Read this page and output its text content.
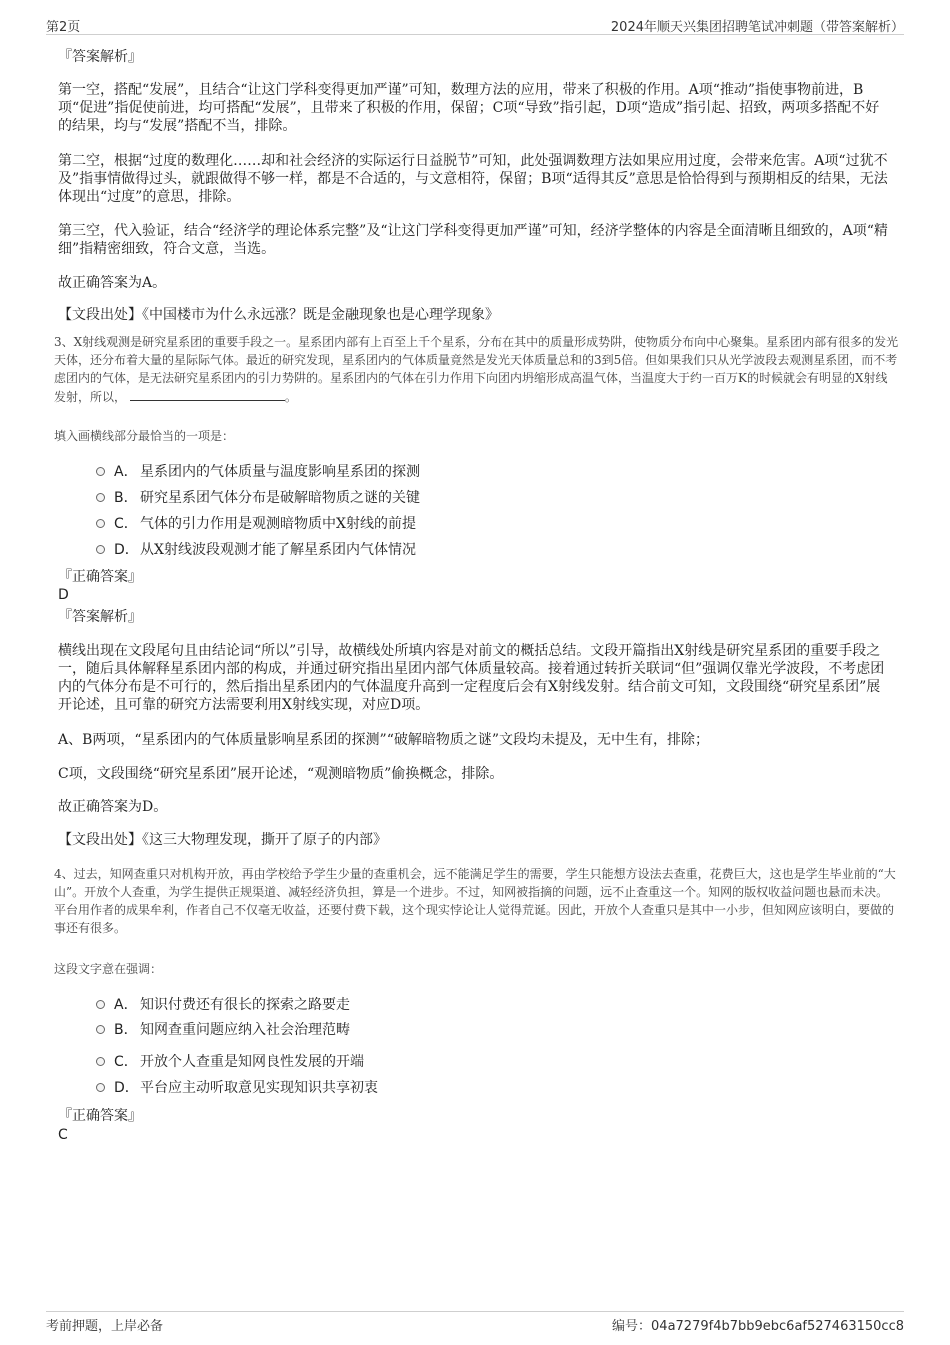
第2页	2024年顺天兴集团招聘笔试冲刺题（带答案解析）
『答案解析』

第一空，搭配“发展”，且结合“让这门学科变得更加严谨”可知，数理方法的应用，带来了积极的作用。A项“推动”指使事物前进，B项“促进”指促使前进，均可搭配“发展”，且带来了积极的作用，保留；C项“导致”指引起，D项“造成”指引起、招致，两项多搭配不好的结果，均与“发展”搭配不当，排除。

第二空，根据“过度的数理化……却和社会经济的实际运行日益脱节”可知，此处强调数理方法如果应用过度，会带来危害。A项“过犹不及”指事情做得过头，就跟做得不够一样，都是不合适的，与文意相符，保留；B项“适得其反”意思是恰恰得到与预期相反的结果，无法体现出“过度”的意思，排除。

第三空，代入验证，结合“经济学的理论体系完整”及“让这门学科变得更加严谨”可知，经济学整体的内容是全面清晰且细致的，A项“精细”指精密细致，符合文意，当选。

故正确答案为A。

【文段出处】《中国楼市为什么永远涨？既是金融现象也是心理学现象》

3、X射线观测是研究星系团的重要手段之一。星系团内部有上百至上千个星系，分布在其中的质量形成势阱，使物质分布向中心聚集。星系团内部有很多的发光天体，还分布着大量的星际际气体。最近的研究发现，星系团内的气体质量竟然是发光天体质量总和的3到5倍。但如果我们只从光学波段去观测星系团，而不考虑团内的气体，是无法研究星系团内的引力势阱的。星系团内的气体在引力作用下向团内坍缩形成高温气体，当温度大于约一百万K的时候就会有明显的X射线发射，所以，	。

填入画横线部分最恰当的一项是：

A． 星系团内的气体质量与温度影响星系团的探测
B． 研究星系团气体分布是破解暗物质之谜的关键
C． 气体的引力作用是观测暗物质中X射线的前提
D．从X射线波段观测才能了解星系团内气体情况
『正确答案』
D
『答案解析』

横线出现在文段尾句且由结论词“所以”引导，故横线处所填内容是对前文的概括总结。文段开篇指出X射线是研究星系团的重要手段之一，随后具体解释星系团内部的构成，并通过研究指出星团内部气体质量较高。接着通过转折关联词“但”强调仅靠光学波段，不考虑团内的气体分布是不可行的，然后指出星系团内的气体温度升高到一定程度后会有X射线发射。结合前文可知，文段围绕“研究星系团”展开论述，且可靠的研究方法需要利用X射线实现，对应D项。

A、B两项，“星系团内的气体质量影响星系团的探测”“破解暗物质之谜”文段均未提及，无中生有，排除；

C项，文段围绕“研究星系团”展开论述，“观测暗物质”偷换概念，排除。

故正确答案为D。

【文段出处】《这三大物理发现，撕开了原子的内部》

4、过去，知网查重只对机构开放，再由学校给予学生少量的查重机会，远不能满足学生的需要，学生只能想方设法去查重，花费巨大，这也是学生毕业前的“大山”。开放个人查重，为学生提供正规渠道、减轻经济负担，算是一个进步。不过，知网被指摘的问题，远不止查重这一个。知网的版权收益问题也悬而未决。平台用作者的成果牟利，作者自己不仅毫无收益，还要付费下载，这个现实悖论让人觉得荒诞。因此，开放个人查重只是其中一小步，但知网应该明白，要做的事还有很多。

这段文字意在强调：

A． 知识付费还有很长的探索之路要走
B． 知网查重问题应纳入社会治理范畴
C． 开放个人查重是知网良性发展的开端
D．平台应主动听取意见实现知识共享初衷
『正确答案』
C
考前押题，上岸必备	编号：04a7279f4b7bb9ebc6af527463150cc8
